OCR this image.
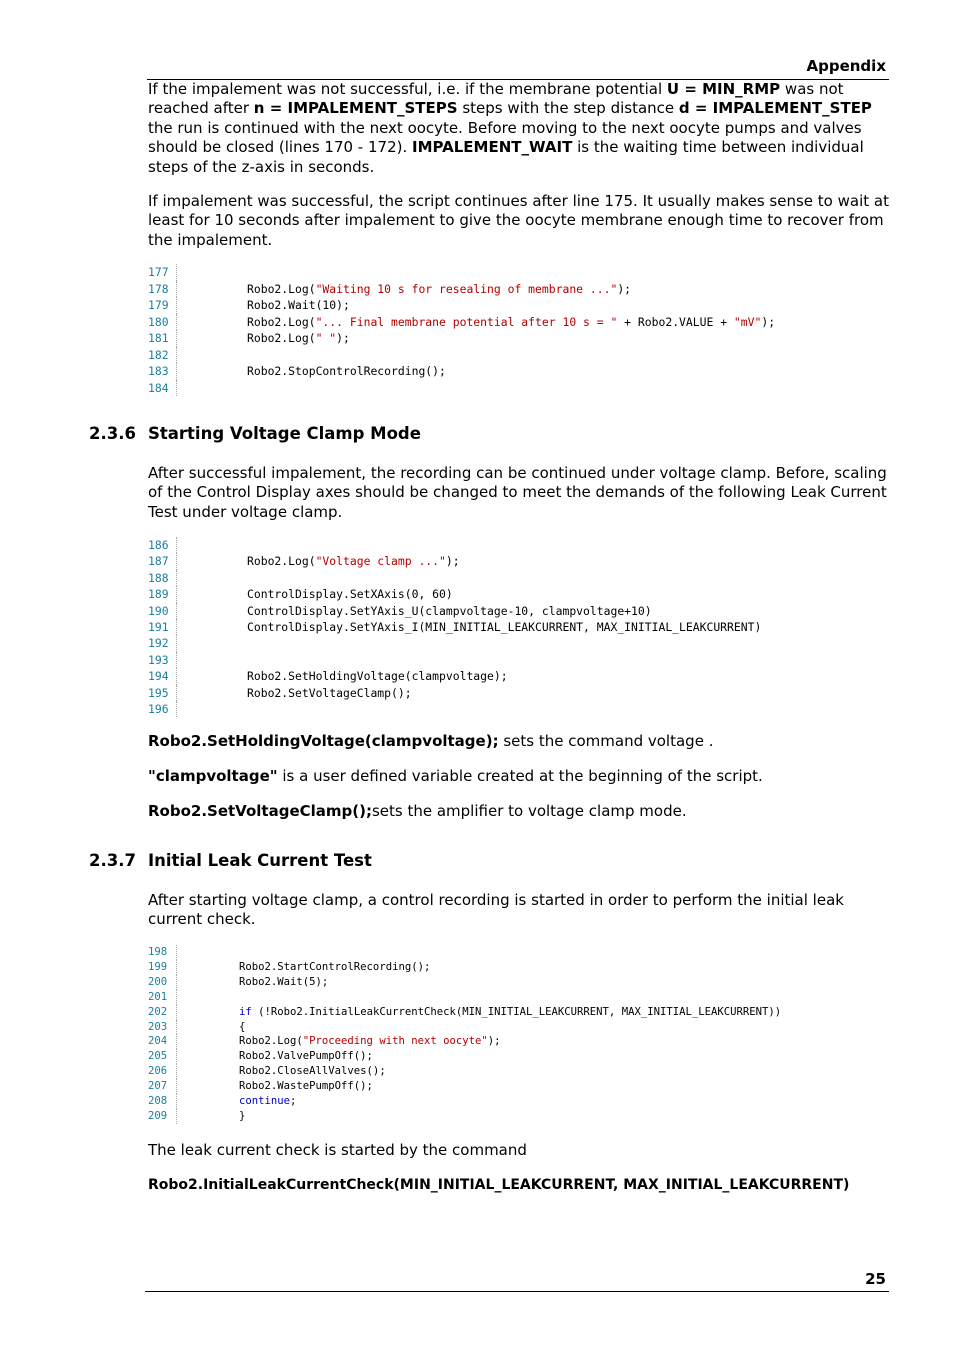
Appendix

If the impalement was not successful, i.e. if the membrane potential U = MIN_RMP was not reached after n = IMPALEMENT_STEPS steps with the step distance d = IMPALEMENT_STEP the run is continued with the next oocyte. Before moving to the next oocyte pumps and valves should be closed (lines 170 - 172). IMPALEMENT_WAIT is the waiting time between individual steps of the z-axis in seconds.

If impalement was successful, the script continues after line 175. It usually makes sense to wait at least for 10 seconds after impalement to give the oocyte membrane enough time to recover from the impalement.

177
178	Robo2.Log("Waiting 10 s for resealing of membrane ...");
179	Robo2.Wait(10);
180	Robo2.Log("... Final membrane potential after 10 s = " + Robo2.VALUE + "mV");
181	Robo2.Log(" ");
182
183	Robo2.StopControlRecording();
184
2.3.6 Starting Voltage Clamp Mode

After successful impalement, the recording can be continued under voltage clamp. Before, scaling of the Control Display axes should be changed to meet the demands of the following Leak Current Test under voltage clamp.

186
187	Robo2.Log("Voltage clamp ...");
188
189	ControlDisplay.SetXAxis(0, 60)
190	ControlDisplay.SetYAxis_U(clampvoltage-10, clampvoltage+10)
191	ControlDisplay.SetYAxis_I(MIN_INITIAL_LEAKCURRENT, MAX_INITIAL_LEAKCURRENT)
192
193
194	Robo2.SetHoldingVoltage(clampvoltage);
195	Robo2.SetVoltageClamp();
196

Robo2.SetHoldingVoltage(clampvoltage); sets the command voltage .

"clampvoltage" is a user defined variable created at the beginning of the script.

Robo2.SetVoltageClamp();sets the amplifier to voltage clamp mode.

2.3.7 Initial Leak Current Test

After starting voltage clamp, a control recording is started in order to perform the initial leak current check.

198
199	Robo2.StartControlRecording();
200	Robo2.Wait(5);
201
202	if (!Robo2.InitialLeakCurrentCheck(MIN_INITIAL_LEAKCURRENT, MAX_INITIAL_LEAKCURRENT))
203	{
204	Robo2.Log("Proceeding with next oocyte");
205	Robo2.ValvePumpOff();
206	Robo2.CloseAllValves();
207	Robo2.WastePumpOff();
208	continue;
209	}

The leak current check is started by the command

Robo2.InitialLeakCurrentCheck(MIN_INITIAL_LEAKCURRENT, MAX_INITIAL_LEAKCURRENT)

25
